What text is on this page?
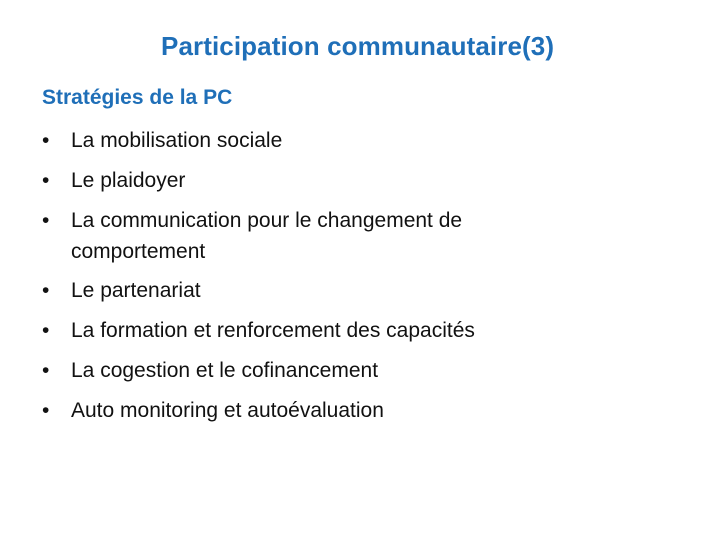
Participation communautaire(3)
Stratégies de la PC
•	La mobilisation sociale
•	Le plaidoyer
•	La communication pour le changement de comportement
•	Le partenariat
•	La formation et renforcement des capacités
•	La cogestion et le cofinancement
•	Auto monitoring et autoévaluation
